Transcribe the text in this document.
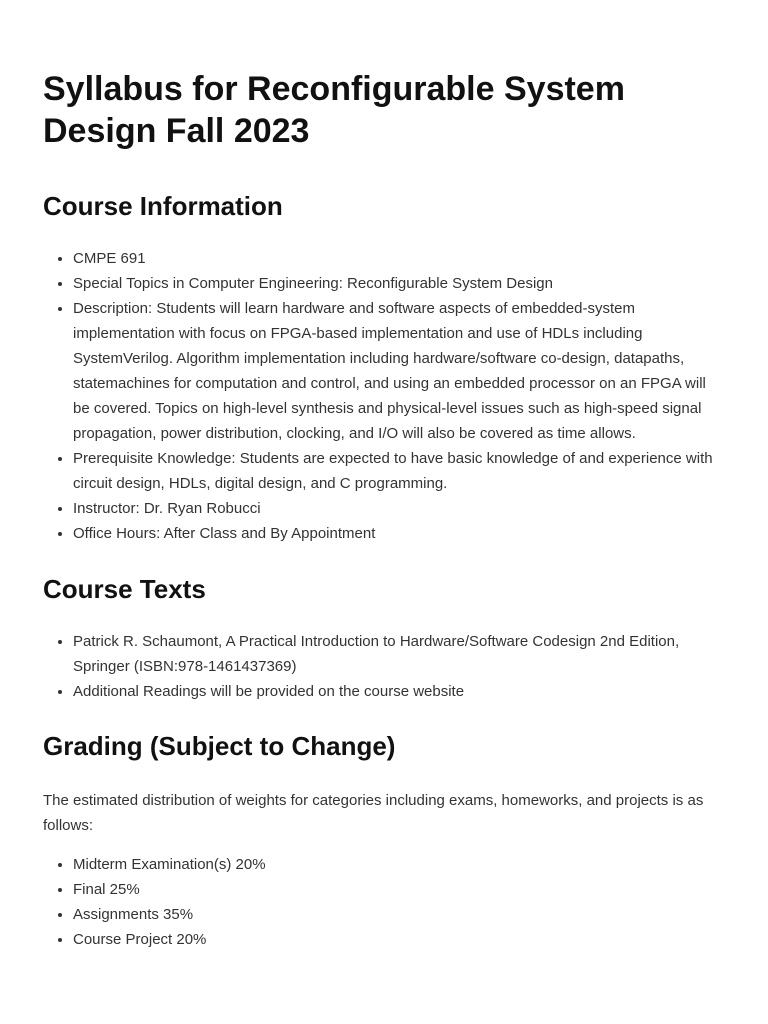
Syllabus for Reconfigurable System Design Fall 2023
Course Information
• CMPE 691
• Special Topics in Computer Engineering: Reconfigurable System Design
• Description: Students will learn hardware and software aspects of embedded-system implementation with focus on FPGA-based implementation and use of HDLs including SystemVerilog. Algorithm implementation including hardware/software co-design, datapaths, statemachines for computation and control, and using an embedded processor on an FPGA will be covered. Topics on high-level synthesis and physical-level issues such as high-speed signal propagation, power distribution, clocking, and I/O will also be covered as time allows.
• Prerequisite Knowledge: Students are expected to have basic knowledge of and experience with circuit design, HDLs, digital design, and C programming.
• Instructor: Dr. Ryan Robucci
• Office Hours: After Class and By Appointment
Course Texts
• Patrick R. Schaumont, A Practical Introduction to Hardware/Software Codesign 2nd Edition, Springer (ISBN:978-1461437369)
• Additional Readings will be provided on the course website
Grading (Subject to Change)

The estimated distribution of weights for categories including exams, homeworks, and projects is as follows:

• Midterm Examination(s) 20%
• Final 25%
• Assignments 35%
• Course Project 20%
